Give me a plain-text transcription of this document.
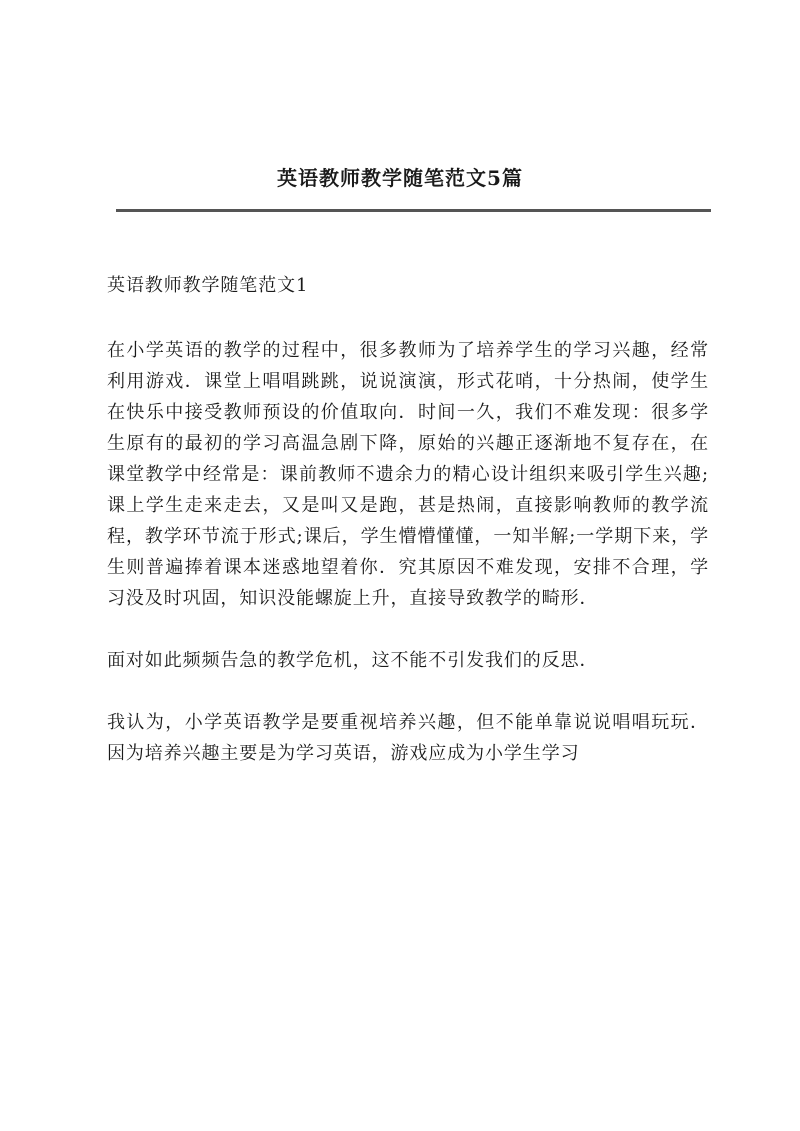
英语教师教学随笔范文5篇

英语教师教学随笔范文1

在小学英语的教学的过程中，很多教师为了培养学生的学习兴趣，经常利用游戏．课堂上唱唱跳跳，说说演演，形式花哨，十分热闹，使学生在快乐中接受教师预设的价值取向．时间一久，我们不难发现：很多学生原有的最初的学习高温急剧下降，原始的兴趣正逐渐地不复存在，在课堂教学中经常是：课前教师不遗余力的精心设计组织来吸引学生兴趣;课上学生走来走去，又是叫又是跑，甚是热闹，直接影响教师的教学流程，教学环节流于形式;课后，学生懵懵懂懂，一知半解;一学期下来，学生则普遍捧着课本迷惑地望着你．究其原因不难发现，安排不合理，学习没及时巩固，知识没能螺旋上升，直接导致教学的畸形．

面对如此频频告急的教学危机，这不能不引发我们的反思．

我认为，小学英语教学是要重视培养兴趣，但不能单靠说说唱唱玩玩．因为培养兴趣主要是为学习英语，游戏应成为小学生学习
